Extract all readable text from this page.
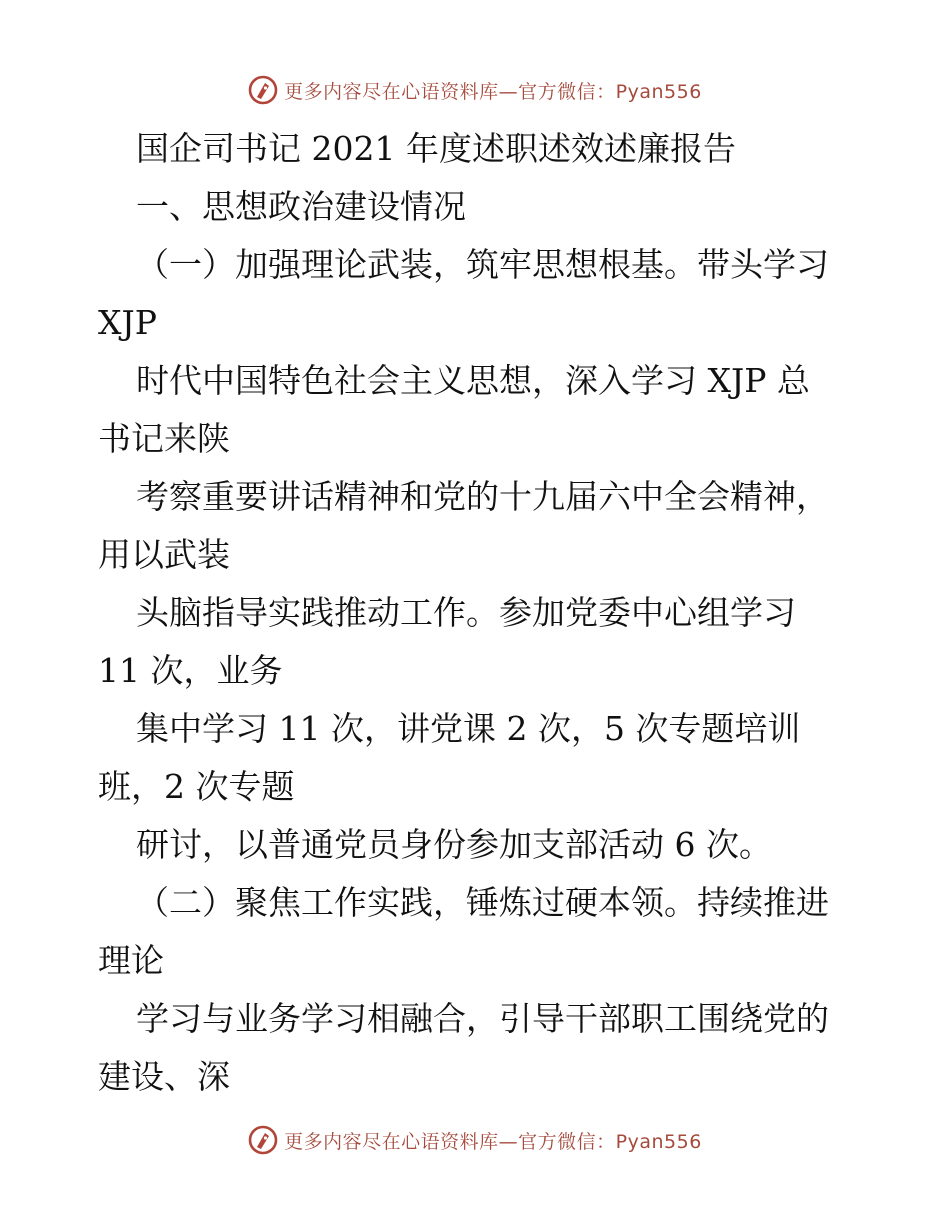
更多内容尽在心语资料库—官方微信：Pyan556
国企司书记 2021 年度述职述效述廉报告
一、思想政治建设情况
（一）加强理论武装，筑牢思想根基。带头学习
XJP
时代中国特色社会主义思想，深入学习 XJP 总
书记来陕
考察重要讲话精神和党的十九届六中全会精神，
用以武装
头脑指导实践推动工作。参加党委中心组学习
11 次，业务
集中学习 11 次，讲党课 2 次，5 次专题培训
班，2 次专题
研讨，以普通党员身份参加支部活动 6 次。
（二）聚焦工作实践，锤炼过硬本领。持续推进
理论
学习与业务学习相融合，引导干部职工围绕党的
建设、深
更多内容尽在心语资料库—官方微信：Pyan556
